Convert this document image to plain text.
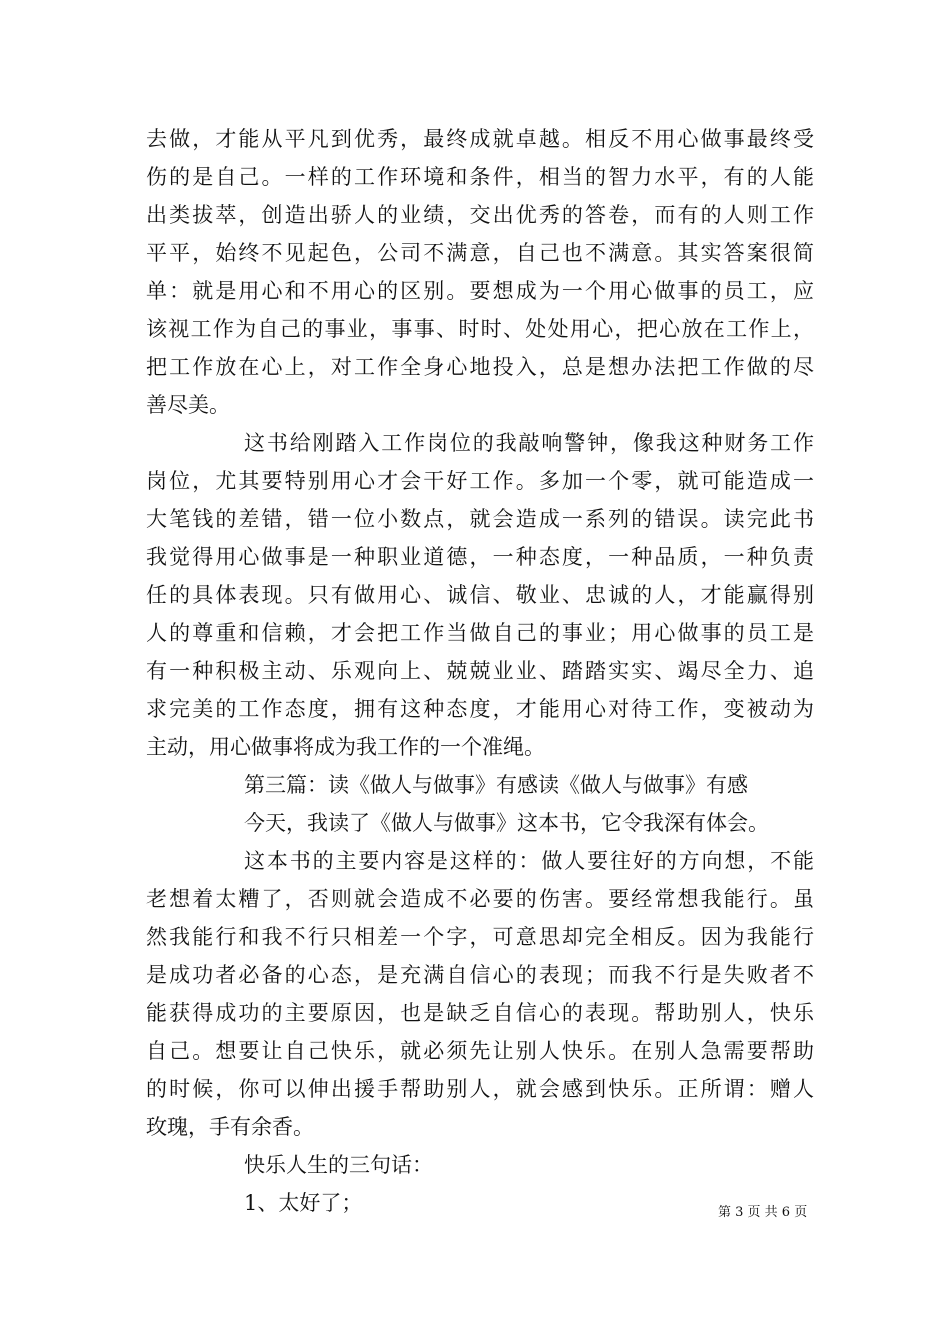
去做，才能从平凡到优秀，最终成就卓越。相反不用心做事最终受
伤的是自己。一样的工作环境和条件，相当的智力水平，有的人能
出类拔萃，创造出骄人的业绩，交出优秀的答卷，而有的人则工作
平平，始终不见起色，公司不满意，自己也不满意。其实答案很简
单：就是用心和不用心的区别。要想成为一个用心做事的员工，应
该视工作为自己的事业，事事、时时、处处用心，把心放在工作上，
把工作放在心上，对工作全身心地投入，总是想办法把工作做的尽
善尽美。
这书给刚踏入工作岗位的我敲响警钟，像我这种财务工作
岗位，尤其要特别用心才会干好工作。多加一个零，就可能造成一
大笔钱的差错，错一位小数点，就会造成一系列的错误。读完此书
我觉得用心做事是一种职业道德，一种态度，一种品质，一种负责
任的具体表现。只有做用心、诚信、敬业、忠诚的人，才能赢得别
人的尊重和信赖，才会把工作当做自己的事业；用心做事的员工是
有一种积极主动、乐观向上、兢兢业业、踏踏实实、竭尽全力、追
求完美的工作态度，拥有这种态度，才能用心对待工作，变被动为
主动，用心做事将成为我工作的一个准绳。
第三篇：读《做人与做事》有感读《做人与做事》有感
今天，我读了《做人与做事》这本书，它令我深有体会。
这本书的主要内容是这样的：做人要往好的方向想，不能
老想着太糟了，否则就会造成不必要的伤害。要经常想我能行。虽
然我能行和我不行只相差一个字，可意思却完全相反。因为我能行
是成功者必备的心态，是充满自信心的表现；而我不行是失败者不
能获得成功的主要原因，也是缺乏自信心的表现。帮助别人，快乐
自己。想要让自己快乐，就必须先让别人快乐。在别人急需要帮助
的时候，你可以伸出援手帮助别人，就会感到快乐。正所谓：赠人
玫瑰，手有余香。
快乐人生的三句话：
1、太好了；	第 3 页 共 6 页
